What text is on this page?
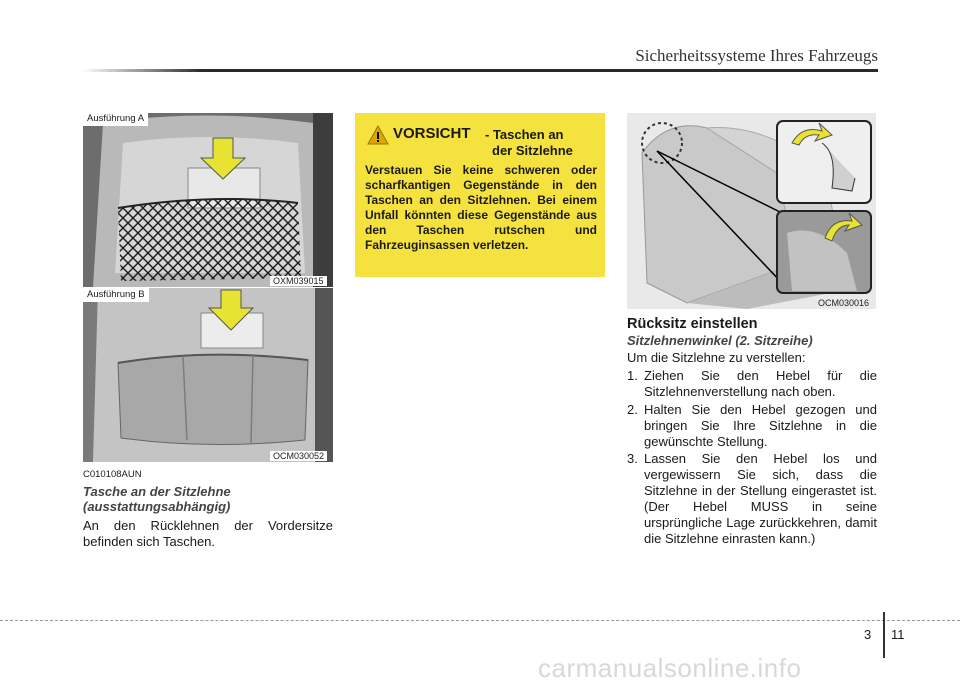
Sicherheitssysteme Ihres Fahrzeugs
Ausführung A
OXM039015
Ausführung B
OCM030052
C010108AUN
Tasche an der Sitzlehne
(ausstattungsabhängig)
An den Rücklehnen der Vordersitze befinden sich Taschen.
VORSICHT - Taschen an
der Sitzlehne
Verstauen Sie keine schweren oder scharfkantigen Gegenstände in den Taschen an den Sitzlehnen. Bei einem Unfall könnten diese Gegenstände aus den Taschen rutschen und Fahrzeuginsassen verletzen.
OCM030016
Rücksitz einstellen
Sitzlehnenwinkel (2. Sitzreihe)
Um die Sitzlehne zu verstellen:
1. Ziehen Sie den Hebel für die Sitzlehnenverstellung nach oben.
2. Halten Sie den Hebel gezogen und bringen Sie Ihre Sitzlehne in die gewünschte Stellung.
3. Lassen Sie den Hebel los und vergewissern Sie sich, dass die Sitzlehne in der Stellung eingerastet ist. (Der Hebel MUSS in seine ursprüngliche Lage zurückkehren, damit die Sitzlehne einrasten kann.)
3 11
carmanualsonline.info
